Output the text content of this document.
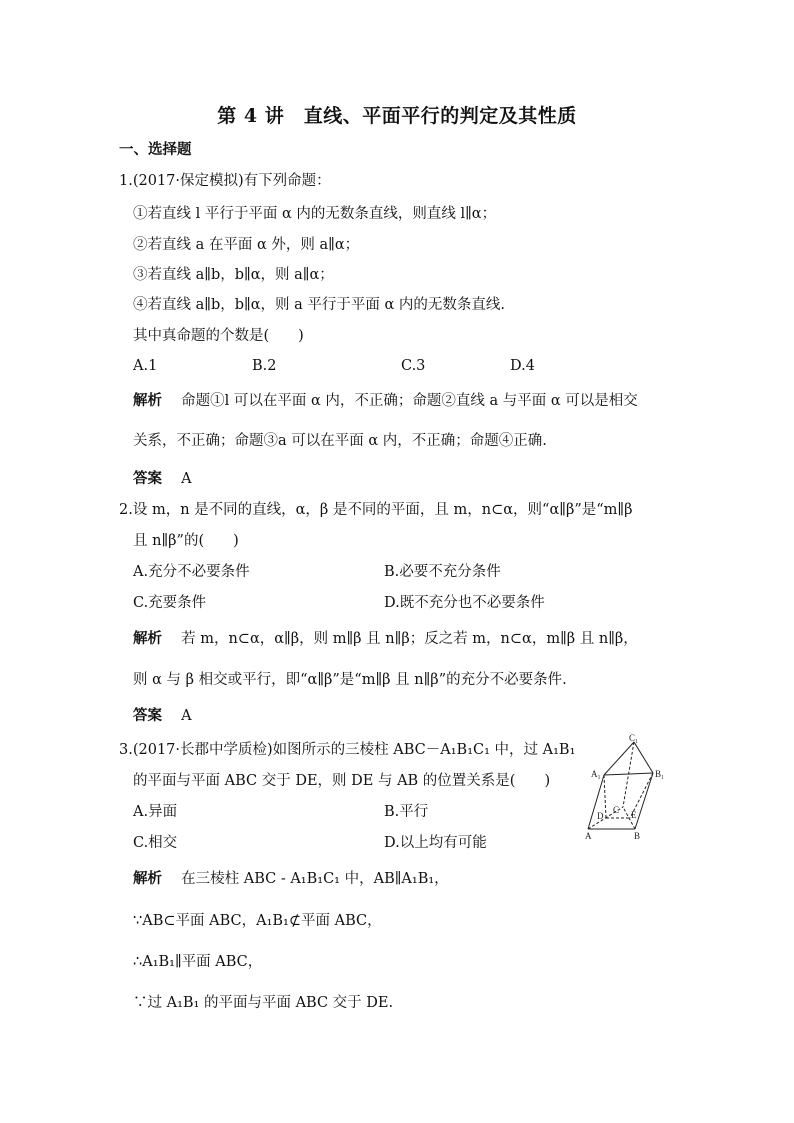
第 4 讲　直线、平面平行的判定及其性质
一、选择题
1.(2017·保定模拟)有下列命题：
①若直线 l 平行于平面 α 内的无数条直线，则直线 l∥α；
②若直线 a 在平面 α 外，则 a∥α；
③若直线 a∥b，b∥α，则 a∥α；
④若直线 a∥b，b∥α，则 a 平行于平面 α 内的无数条直线.
其中真命题的个数是(　　)
A.1	B.2	C.3	D.4
解析　 命题①l 可以在平面 α 内，不正确；命题②直线 a 与平面 α 可以是相交
关系，不正确；命题③a 可以在平面 α 内，不正确；命题④正确.
答案　 A
2.设 m，n 是不同的直线，α，β 是不同的平面，且 m，n⊂α，则“α∥β”是“m∥β
且 n∥β”的(　　)
A.充分不必要条件	B.必要不充分条件
C.充要条件	D.既不充分也不必要条件
解析　 若 m，n⊂α，α∥β，则 m∥β 且 n∥β；反之若 m，n⊂α，m∥β 且 n∥β，
则 α 与 β 相交或平行，即“α∥β”是“m∥β 且 n∥β”的充分不必要条件.
答案　 A
3.(2017·长郡中学质检)如图所示的三棱柱 ABC－A₁B₁C₁ 中，过 A₁B₁
的平面与平面 ABC 交于 DE，则 DE 与 AB 的位置关系是(　　)
A.异面	B.平行
C.相交	D.以上均有可能
解析　 在三棱柱 ABC - A₁B₁C₁ 中，AB∥A₁B₁，
∵AB⊂平面 ABC，A₁B₁⊄平面 ABC，
∴A₁B₁∥平面 ABC，
∵过 A₁B₁ 的平面与平面 ABC 交于 DE.
C₁
A₁	B₁
C
D	E
A	B
